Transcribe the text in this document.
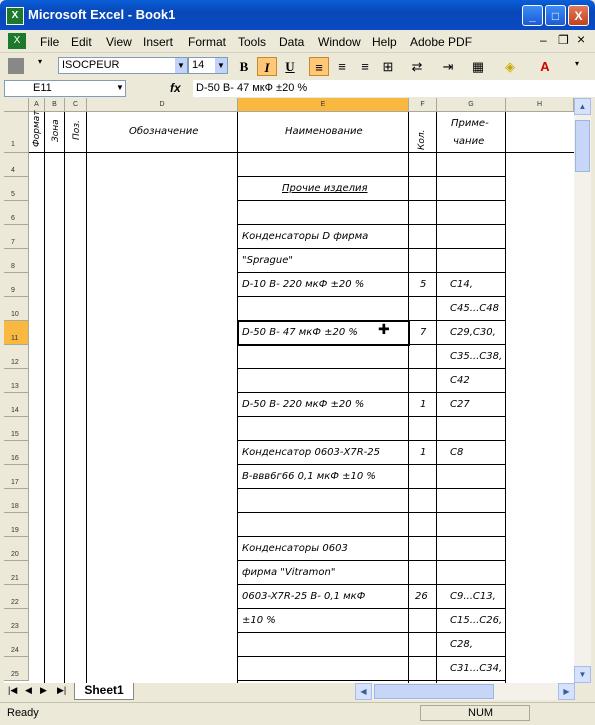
X Microsoft Excel - Book1	_	□	X
X	File Edit View Insert Format Tools Data Window Help Adobe PDF	– ❐ ×
▾	ISOCPEUR	▼ 14 ▼	B	I	U	≡	≡	≡	⊞	⇄	⇥	▦	◈	A	▾
E11	▼	fx D-50 В- 47 мкФ ±20 %
A	B	C	D	E	F	G	H
1	Формат Зона Поз.	Обозначение	Наименование	Кол.
Приме-
чание
4
5
Прочие изделия
6
7
Конденсаторы D фирма
8
"Sprague"
9
D-10 В- 220 мкФ ±20 %	5 C14,
10
C45...C48
11
D-50 В- 47 мкФ ±20 %	7 C29,C30,
12
C35...C38,
13
C42
14
D-50 В- 220 мкФ ±20 %	1 C27
15
16
Конденсатор 0603-X7R-25	1 C8
17
В-ввв6г66 0,1 мкФ ±10 %
18
19
20
Конденсаторы 0603
21
фирма "Vitramon"
22
0603-X7R-25 В- 0,1 мкФ	26 C9...C13,
23
±10 %	C15...C26,
24
C28,
25
C31...C34,
✚
▲
▼
|◀ ◀ ▶ ▶|	Sheet1	◀	▶
Ready	NUM
